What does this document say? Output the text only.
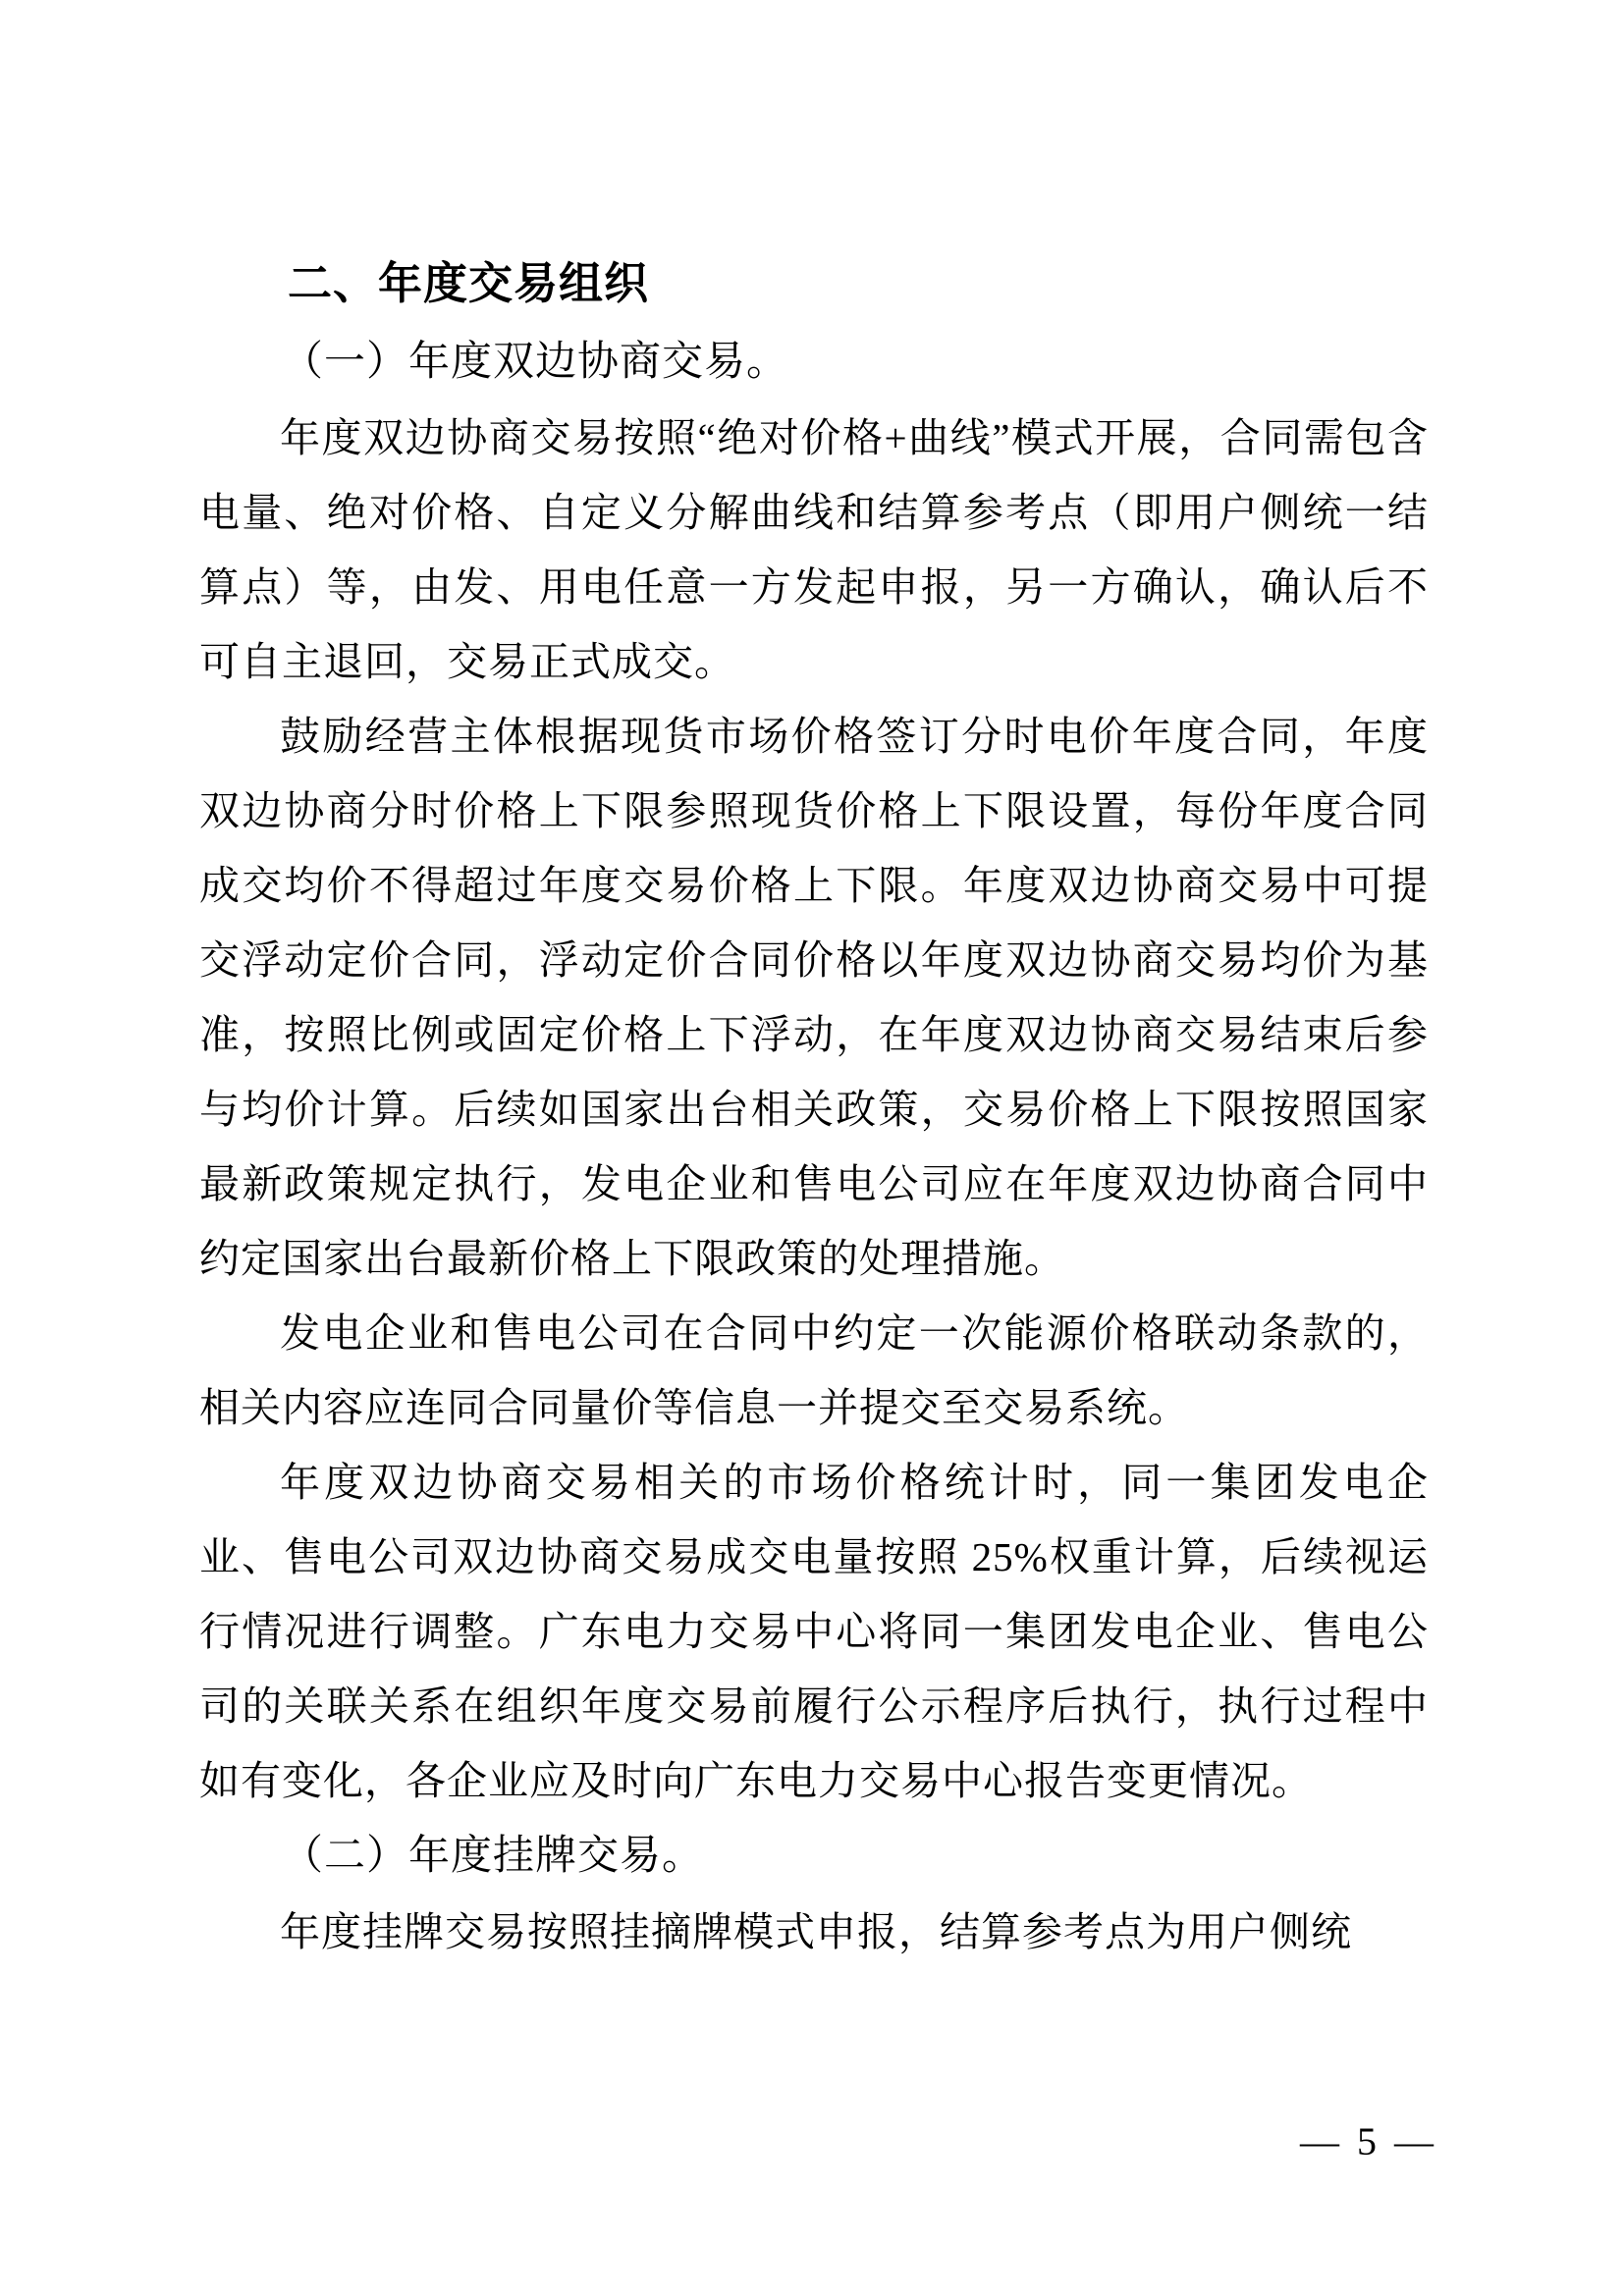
二、年度交易组织

（一）年度双边协商交易。

年度双边协商交易按照“绝对价格+曲线”模式开展，合同需包含电量、绝对价格、自定义分解曲线和结算参考点（即用户侧统一结算点）等，由发、用电任意一方发起申报，另一方确认，确认后不可自主退回，交易正式成交。

鼓励经营主体根据现货市场价格签订分时电价年度合同，年度双边协商分时价格上下限参照现货价格上下限设置，每份年度合同成交均价不得超过年度交易价格上下限。年度双边协商交易中可提交浮动定价合同，浮动定价合同价格以年度双边协商交易均价为基准，按照比例或固定价格上下浮动，在年度双边协商交易结束后参与均价计算。后续如国家出台相关政策，交易价格上下限按照国家最新政策规定执行，发电企业和售电公司应在年度双边协商合同中约定国家出台最新价格上下限政策的处理措施。

发电企业和售电公司在合同中约定一次能源价格联动条款的，相关内容应连同合同量价等信息一并提交至交易系统。

年度双边协商交易相关的市场价格统计时，同一集团发电企业、售电公司双边协商交易成交电量按照 25%权重计算，后续视运行情况进行调整。广东电力交易中心将同一集团发电企业、售电公司的关联关系在组织年度交易前履行公示程序后执行，执行过程中如有变化，各企业应及时向广东电力交易中心报告变更情况。

（二）年度挂牌交易。

年度挂牌交易按照挂摘牌模式申报，结算参考点为用户侧统

— 5 —
